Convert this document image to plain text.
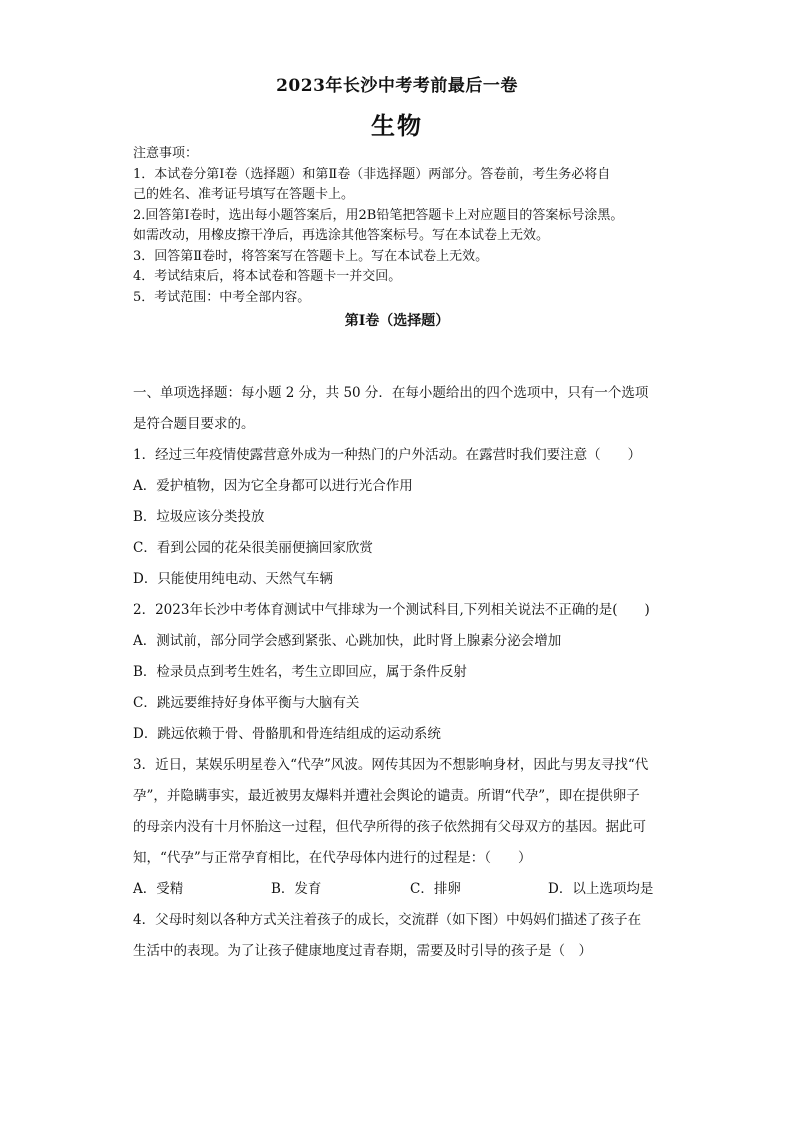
2023年长沙中考考前最后一卷
生物
注意事项：
1．本试卷分第Ⅰ卷（选择题）和第Ⅱ卷（非选择题）两部分。答卷前，考生务必将自
己的姓名、准考证号填写在答题卡上。
2.回答第Ⅰ卷时，选出每小题答案后，用2B铅笔把答题卡上对应题目的答案标号涂黑。
如需改动，用橡皮擦干净后，再选涂其他答案标号。写在本试卷上无效。
3．回答第Ⅱ卷时，将答案写在答题卡上。写在本试卷上无效。
4．考试结束后，将本试卷和答题卡一并交回。
5．考试范围：中考全部内容。
第Ⅰ卷（选择题）
一、单项选择题：每小题 2 分，共 50 分．在每小题给出的四个选项中，只有一个选项
是符合题目要求的。
1．经过三年疫情使露营意外成为一种热门的户外活动。在露营时我们要注意（　　）
A．爱护植物，因为它全身都可以进行光合作用
B．垃圾应该分类投放
C．看到公园的花朵很美丽便摘回家欣赏
D．只能使用纯电动、天然气车辆
2．2023年长沙中考体育测试中气排球为一个测试科目,下列相关说法不正确的是(　　)
A．测试前，部分同学会感到紧张、心跳加快，此时肾上腺素分泌会增加
B．检录员点到考生姓名，考生立即回应，属于条件反射
C．跳远要维持好身体平衡与大脑有关
D．跳远依赖于骨、骨骼肌和骨连结组成的运动系统
3．近日，某娱乐明星卷入“代孕”风波。网传其因为不想影响身材，因此与男友寻找“代
孕”，并隐瞒事实，最近被男友爆料并遭社会舆论的谴责。所谓“代孕”，即在提供卵子
的母亲内没有十月怀胎这一过程，但代孕所得的孩子依然拥有父母双方的基因。据此可
知，“代孕”与正常孕育相比，在代孕母体内进行的过程是：（　　）
A．受精	B．发育	C．排卵	D．以上选项均是
4．父母时刻以各种方式关注着孩子的成长，交流群（如下图）中妈妈们描述了孩子在
生活中的表现。为了让孩子健康地度过青春期，需要及时引导的孩子是（　）
